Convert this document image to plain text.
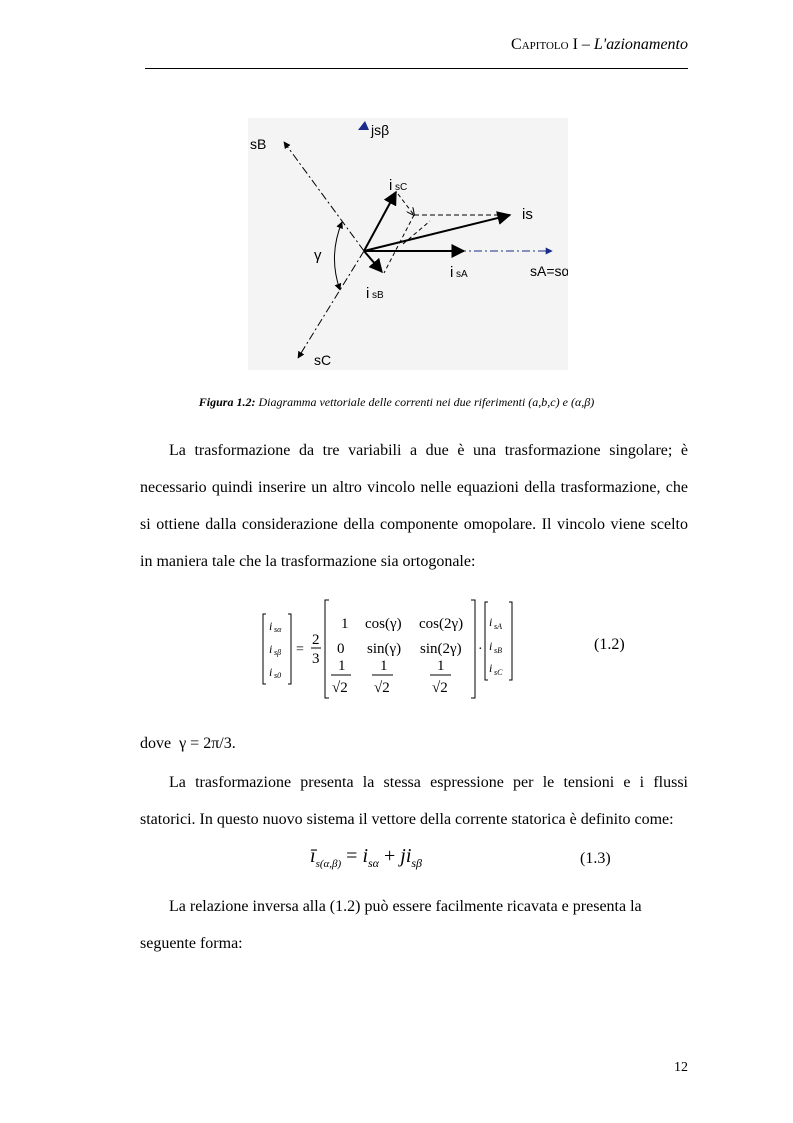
Capitolo I – L'azionamento
sB
jsβ
i sC
is
γ
i sA	sA=sα
i sB
sC
Figura 1.2: Diagramma vettoriale delle correnti nei due riferimenti (a,b,c) e (α,β)
La trasformazione da tre variabili a due è una trasformazione singolare; è
necessario quindi inserire un altro vincolo nelle equazioni della trasformazione, che
si ottiene dalla considerazione della componente omopolare. Il vincolo viene scelto
in maniera tale che la trasformazione sia ortogonale:
i sα
i sβ
i s0
=
2
3
1 cos(γ) cos(2γ)
0 sin(γ) sin(2γ)
1
√2
1
√2
1
√2
·
i sA
i sB
i sC
(1.2)
dove γ = 2π/3.
La trasformazione presenta la stessa espressione per le tensioni e i flussi
statorici. In questo nuovo sistema il vettore della corrente statorica è definito come:
$ī_{s(\alpha,\beta)} = i_{s\alpha} + ji_{s\beta}$	(1.3)
La relazione inversa alla (1.2) può essere facilmente ricavata e presenta la
seguente forma:
12
